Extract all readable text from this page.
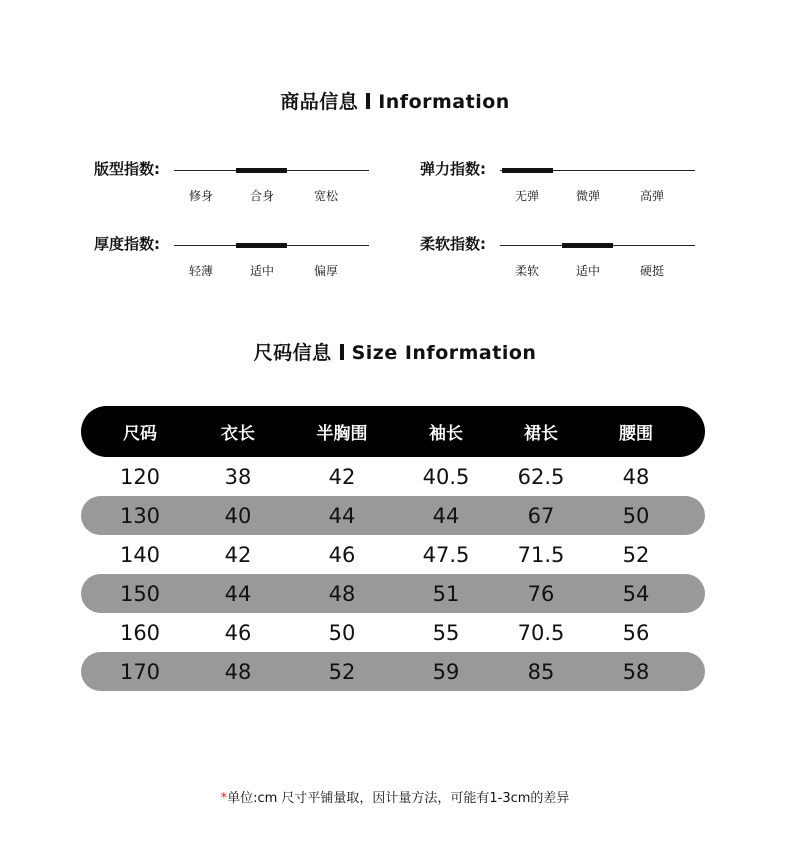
商品信息 Information
版型指数:
修身	合身	宽松
弹力指数:
无弹	微弹	高弹
厚度指数:
轻薄	适中	偏厚
柔软指数:
柔软	适中	硬挺
尺码信息 Size Information
尺码	衣长	半胸围	袖长	裙长	腰围
120	38	42	40.5	62.5	48
130	40	44	44	67	50
140	42	46	47.5	71.5	52
150	44	48	51	76	54
160	46	50	55	70.5	56
170	48	52	59	85	58
*单位:cm 尺寸平铺量取，因计量方法，可能有1-3cm的差异
